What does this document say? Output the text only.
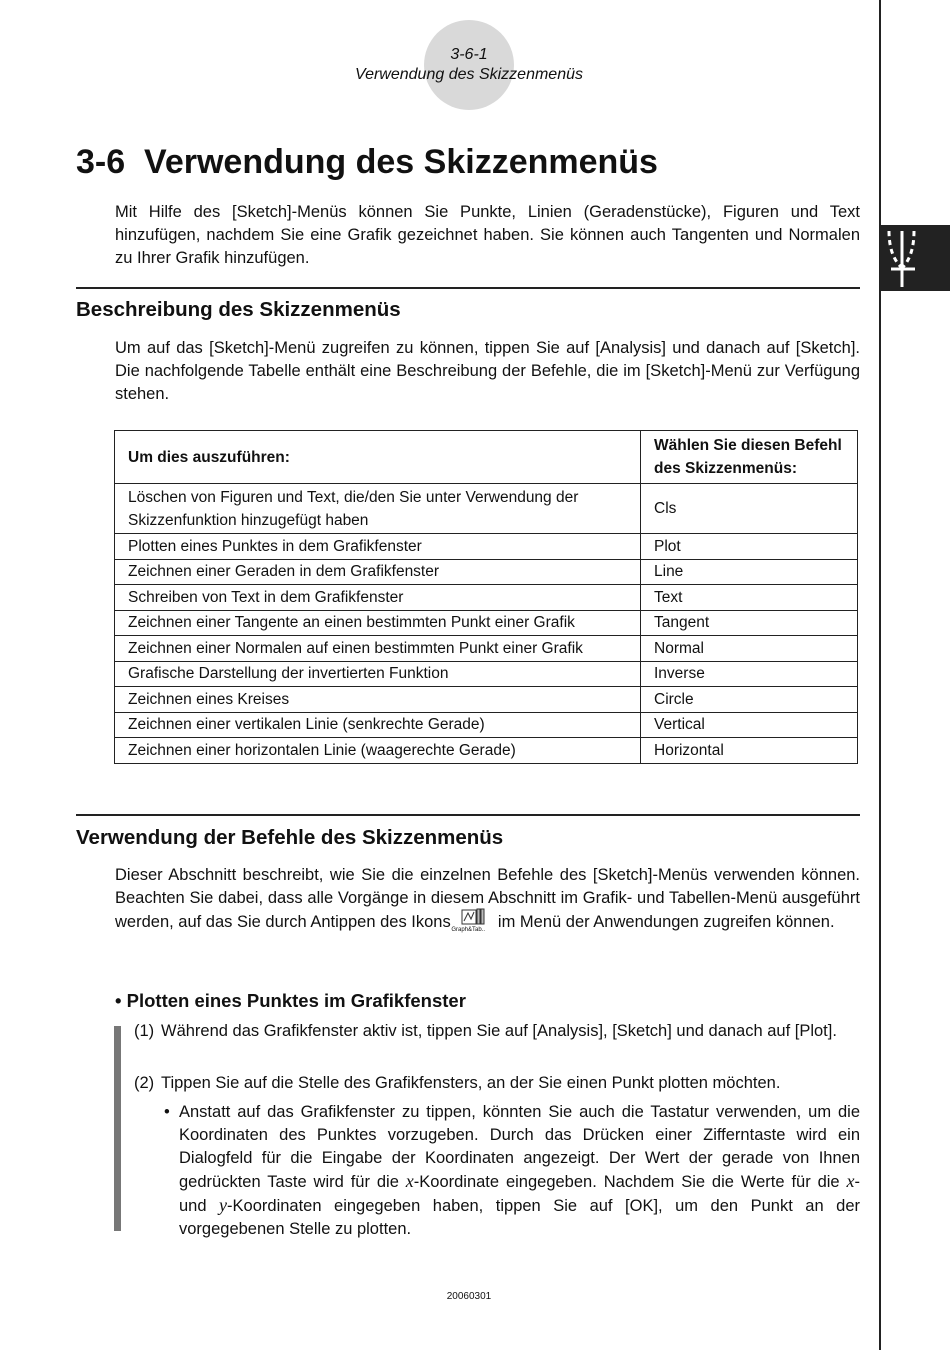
3-6-1
Verwendung des Skizzenmenüs
3-6 Verwendung des Skizzenmenüs
Mit Hilfe des [Sketch]-Menüs können Sie Punkte, Linien (Geradenstücke), Figuren und Text hinzufügen, nachdem Sie eine Grafik gezeichnet haben. Sie können auch Tangenten und Normalen zu Ihrer Grafik hinzufügen.
Beschreibung des Skizzenmenüs
Um auf das [Sketch]-Menü zugreifen zu können, tippen Sie auf [Analysis] und danach auf [Sketch]. Die nachfolgende Tabelle enthält eine Beschreibung der Befehle, die im [Sketch]-Menü zur Verfügung stehen.
Um dies auszuführen:	Wählen Sie diesen Befehl des Skizzenmenüs:
Löschen von Figuren und Text, die/den Sie unter Verwendung der Skizzenfunktion hinzugefügt haben	Cls
Plotten eines Punktes in dem Grafikfenster	Plot
Zeichnen einer Geraden in dem Grafikfenster	Line
Schreiben von Text in dem Grafikfenster	Text
Zeichnen einer Tangente an einen bestimmten Punkt einer Grafik	Tangent
Zeichnen einer Normalen auf einen bestimmten Punkt einer Grafik	Normal
Grafische Darstellung der invertierten Funktion	Inverse
Zeichnen eines Kreises	Circle
Zeichnen einer vertikalen Linie (senkrechte Gerade)	Vertical
Zeichnen einer horizontalen Linie (waagerechte Gerade)	Horizontal
Verwendung der Befehle des Skizzenmenüs
Dieser Abschnitt beschreibt, wie Sie die einzelnen Befehle des [Sketch]-Menüs verwenden können. Beachten Sie dabei, dass alle Vorgänge in diesem Abschnitt im Grafik- und Tabellen-Menü ausgeführt werden, auf das Sie durch Antippen des Ikons Graph&Tab.. im Menü der Anwendungen zugreifen können.
• Plotten eines Punktes im Grafikfenster
(1) Während das Grafikfenster aktiv ist, tippen Sie auf [Analysis], [Sketch] und danach auf [Plot].
(2) Tippen Sie auf die Stelle des Grafikfensters, an der Sie einen Punkt plotten möchten.
• Anstatt auf das Grafikfenster zu tippen, könnten Sie auch die Tastatur verwenden, um die Koordinaten des Punktes vorzugeben. Durch das Drücken einer Zifferntaste wird ein Dialogfeld für die Eingabe der Koordinaten angezeigt. Der Wert der gerade von Ihnen gedrückten Taste wird für die x-Koordinate eingegeben. Nachdem Sie die Werte für die x- und y-Koordinaten eingegeben haben, tippen Sie auf [OK], um den Punkt an der vorgegebenen Stelle zu plotten.
20060301
